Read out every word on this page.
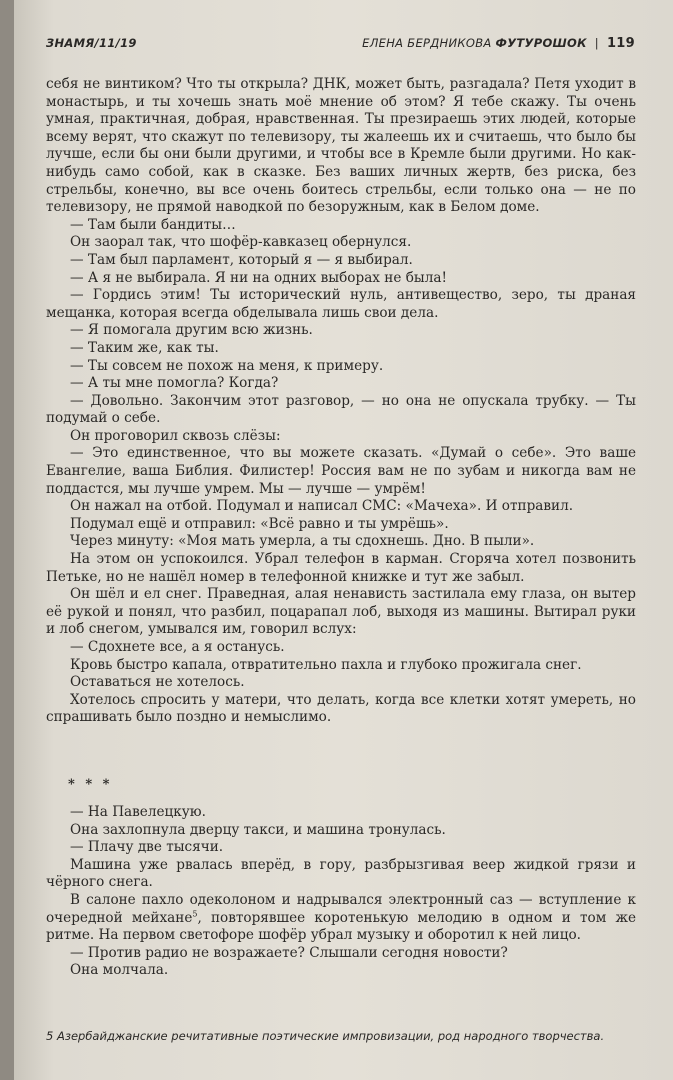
ЗНАМЯ/11/19	ЕЛЕНА БЕРДНИКОВА ФУТУРОШОК | 119

себя не винтиком? Что ты открыла? ДНК, может быть, разгадала? Петя уходит в монастырь, и ты хочешь знать моё мнение об этом? Я тебе скажу. Ты очень умная, практичная, добрая, нравственная. Ты презираешь этих людей, которые всему верят, что скажут по телевизору, ты жалеешь их и считаешь, что было бы лучше, если бы они были другими, и чтобы все в Кремле были другими. Но как-нибудь само собой, как в сказке. Без ваших личных жертв, без риска, без стрельбы, конечно, вы все очень боитесь стрельбы, если только она — не по телевизору, не прямой наводкой по безоружным, как в Белом доме.

— Там были бандиты…

Он заорал так, что шофёр-кавказец обернулся.

— Там был парламент, который я — я выбирал.

— А я не выбирала. Я ни на одних выборах не была!

— Гордись этим! Ты исторический нуль, антивещество, зеро, ты драная мещанка, которая всегда обделывала лишь свои дела.

— Я помогала другим всю жизнь.

— Таким же, как ты.

— Ты совсем не похож на меня, к примеру.

— А ты мне помогла? Когда?

— Довольно. Закончим этот разговор, — но она не опускала трубку. — Ты подумай о себе.

Он проговорил сквозь слёзы:

— Это единственное, что вы можете сказать. «Думай о себе». Это ваше Евангелие, ваша Библия. Филистер! Россия вам не по зубам и никогда вам не поддастся, мы лучше умрем. Мы — лучше — умрём!

Он нажал на отбой. Подумал и написал СМС: «Мачеха». И отправил.

Подумал ещё и отправил: «Всё равно и ты умрёшь».

Через минуту: «Моя мать умерла, а ты сдохнешь. Дно. В пыли».

На этом он успокоился. Убрал телефон в карман. Сгоряча хотел позвонить Петьке, но не нашёл номер в телефонной книжке и тут же забыл.

Он шёл и ел снег. Праведная, алая ненависть застилала ему глаза, он вытер её рукой и понял, что разбил, поцарапал лоб, выходя из машины. Вытирал руки и лоб снегом, умывался им, говорил вслух:

— Сдохнете все, а я останусь.

Кровь быстро капала, отвратительно пахла и глубоко прожигала снег.

Оставаться не хотелось.

Хотелось спросить у матери, что делать, когда все клетки хотят умереть, но спрашивать было поздно и немыслимо.

* * *

— На Павелецкую.

Она захлопнула дверцу такси, и машина тронулась.

— Плачу две тысячи.

Машина уже рвалась вперёд, в гору, разбрызгивая веер жидкой грязи и чёрного снега.

В салоне пахло одеколоном и надрывался электронный саз — вступление к очередной мейхане$^5$, повторявшее коротенькую мелодию в одном и том же ритме. На первом светофоре шофёр убрал музыку и оборотил к ней лицо.

— Против радио не возражаете? Слышали сегодня новости?

Она молчала.

5 Азербайджанские речитативные поэтические импровизации, род народного творчества.
